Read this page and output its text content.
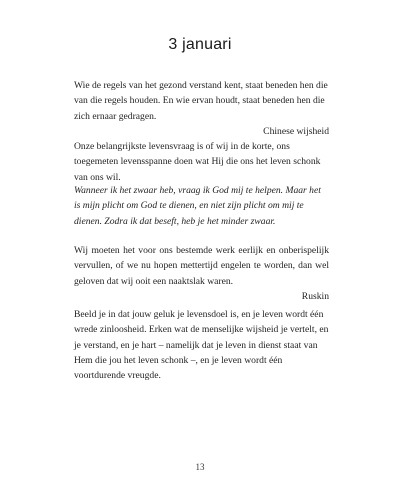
3 januari

Wie de regels van het gezond verstand kent, staat beneden hen die van die regels houden. En wie ervan houdt, staat beneden hen die zich ernaar gedragen.

Chinese wijsheid

Onze belangrijkste levensvraag is of wij in de korte, ons toegemeten levensspanne doen wat Hij die ons het leven schonk van ons wil.

Wanneer ik het zwaar heb, vraag ik God mij te helpen. Maar het is mijn plicht om God te dienen, en niet zijn plicht om mij te dienen. Zodra ik dat beseft, heb je het minder zwaar.

Wij moeten het voor ons bestemde werk eerlijk en onberispelijk vervullen, of we nu hopen mettertijd engelen te worden, dan wel geloven dat wij ooit een naaktslak waren.

Ruskin

Beeld je in dat jouw geluk je levensdoel is, en je leven wordt één wrede zinloosheid. Erken wat de menselijke wijsheid je vertelt, en je verstand, en je hart – namelijk dat je leven in dienst staat van Hem die jou het leven schonk –, en je leven wordt één voortdurende vreugde.

13
